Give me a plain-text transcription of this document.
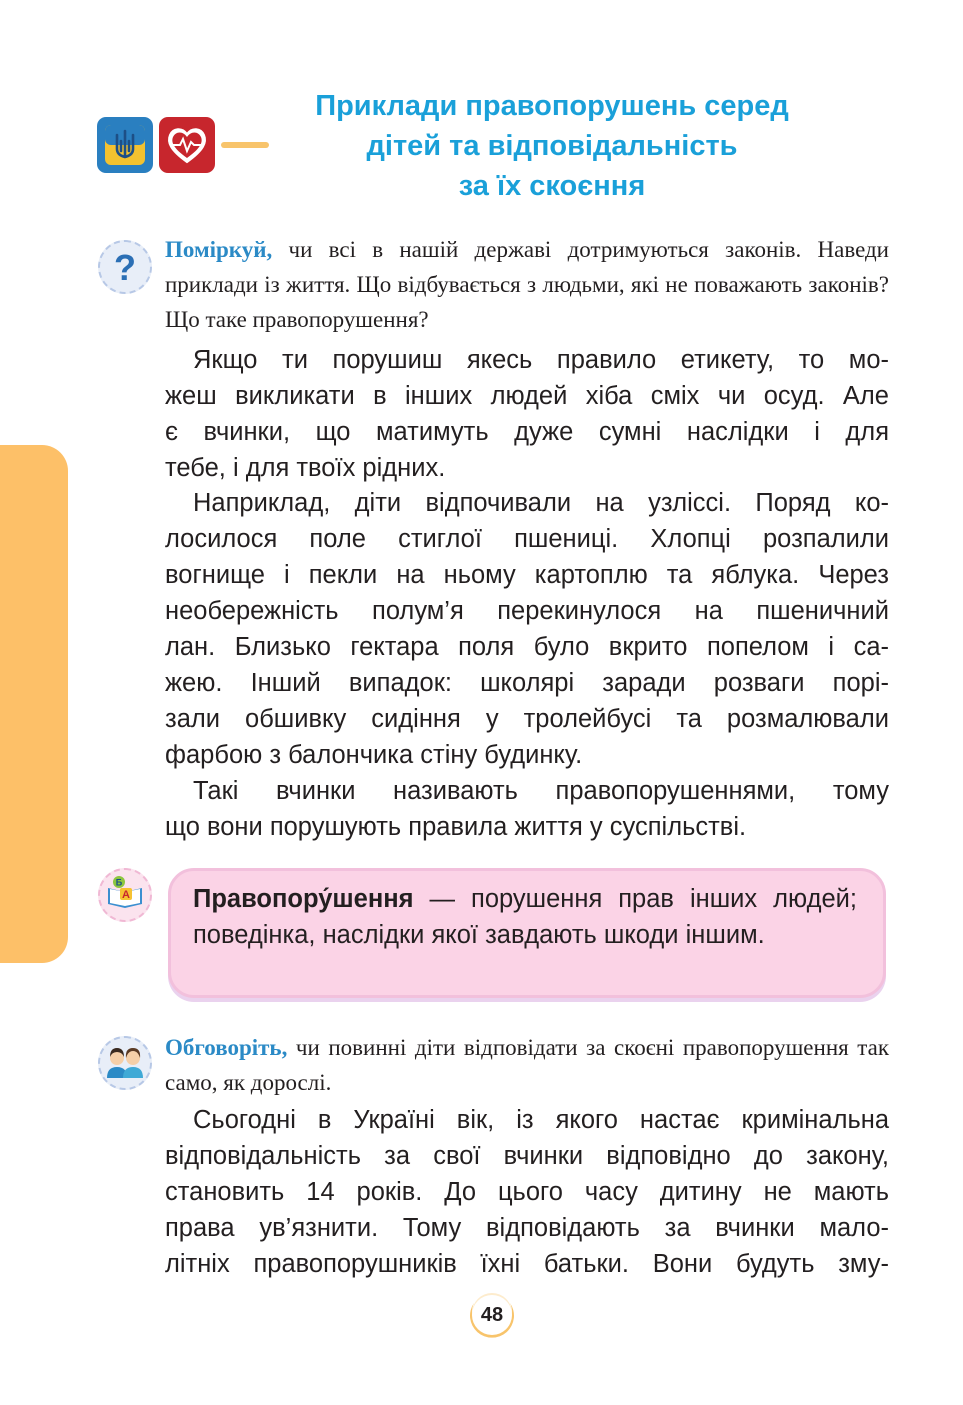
Приклади правопорушень серед
дітей та відповідальність
за їх скоєння
? Поміркуй, чи всі в нашій державі дотримуються законів. Наведи приклади із життя. Що відбувається з людьми, які не поважають законів? Що таке правопорушення?

Якщо ти порушиш якесь правило етикету, то мо-
жеш викликати в інших людей хіба сміх чи осуд. Але
є вчинки, що матимуть дуже сумні наслідки і для
тебе, і для твоїх рідних.

Наприклад, діти відпочивали на узліссі. Поряд ко-
лосилося поле стиглої пшениці. Хлопці розпалили
вогнище і пекли на ньому картоплю та яблука. Через
необережність полум’я перекинулося на пшеничний
лан. Близько гектара поля було вкрито попелом і са-
жею. Інший випадок: школярі заради розваги порі-
зали обшивку сидіння у тролейбусі та розмалювали
фарбою з балончика стіну будинку.

Такі вчинки називають правопорушеннями, тому
що вони порушують правила життя у суспільстві.

Б
А Правопору́шення — порушення прав інших людей; поведінка, наслідки якої завдають шкоди іншим.

Обговоріть, чи повинні діти відповідати за скоєні правопорушення так само, як дорослі.

Сьогодні в Україні вік, із якого настає кримінальна
відповідальність за свої вчинки відповідно до закону,
становить 14 років. До цього часу дитину не мають
права ув’язнити. Тому відповідають за вчинки мало-
літніх правопорушників їхні батьки. Вони будуть зму-

48
